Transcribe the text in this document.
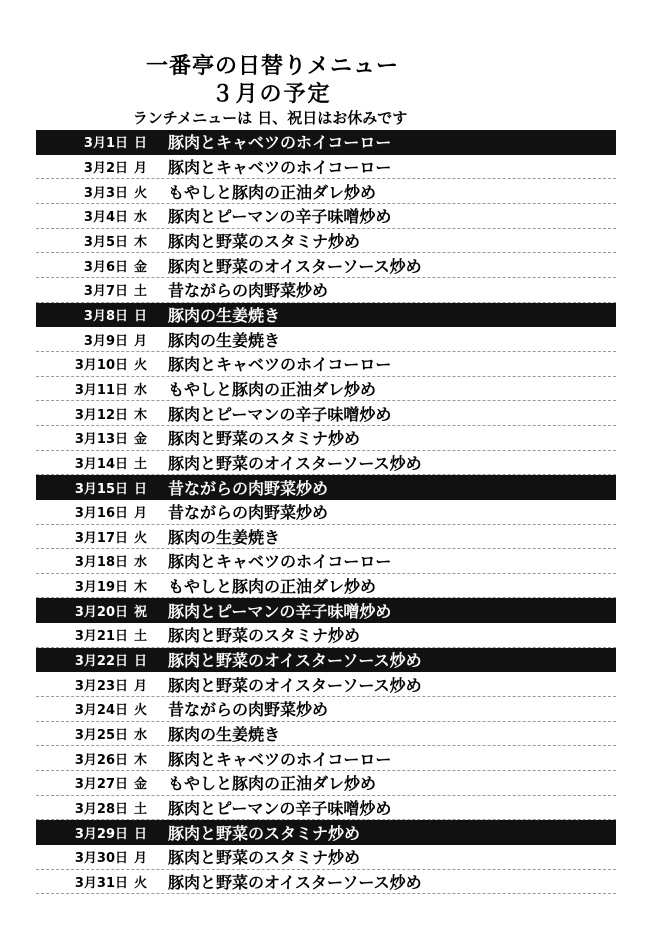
一番亭の日替りメニュー
３月の予定
ランチメニューは 日、祝日はお休みです
3月1日 日	豚肉とキャベツのホイコーロー
3月2日 月	豚肉とキャベツのホイコーロー
3月3日 火	もやしと豚肉の正油ダレ炒め
3月4日 水	豚肉とピーマンの辛子味噌炒め
3月5日 木	豚肉と野菜のスタミナ炒め
3月6日 金	豚肉と野菜のオイスターソース炒め
3月7日 土	昔ながらの肉野菜炒め
3月8日 日	豚肉の生姜焼き
3月9日 月	豚肉の生姜焼き
3月10日 火	豚肉とキャベツのホイコーロー
3月11日 水	もやしと豚肉の正油ダレ炒め
3月12日 木	豚肉とピーマンの辛子味噌炒め
3月13日 金	豚肉と野菜のスタミナ炒め
3月14日 土	豚肉と野菜のオイスターソース炒め
3月15日 日	昔ながらの肉野菜炒め
3月16日 月	昔ながらの肉野菜炒め
3月17日 火	豚肉の生姜焼き
3月18日 水	豚肉とキャベツのホイコーロー
3月19日 木	もやしと豚肉の正油ダレ炒め
3月20日 祝	豚肉とピーマンの辛子味噌炒め
3月21日 土	豚肉と野菜のスタミナ炒め
3月22日 日	豚肉と野菜のオイスターソース炒め
3月23日 月	豚肉と野菜のオイスターソース炒め
3月24日 火	昔ながらの肉野菜炒め
3月25日 水	豚肉の生姜焼き
3月26日 木	豚肉とキャベツのホイコーロー
3月27日 金	もやしと豚肉の正油ダレ炒め
3月28日 土	豚肉とピーマンの辛子味噌炒め
3月29日 日	豚肉と野菜のスタミナ炒め
3月30日 月	豚肉と野菜のスタミナ炒め
3月31日 火	豚肉と野菜のオイスターソース炒め
